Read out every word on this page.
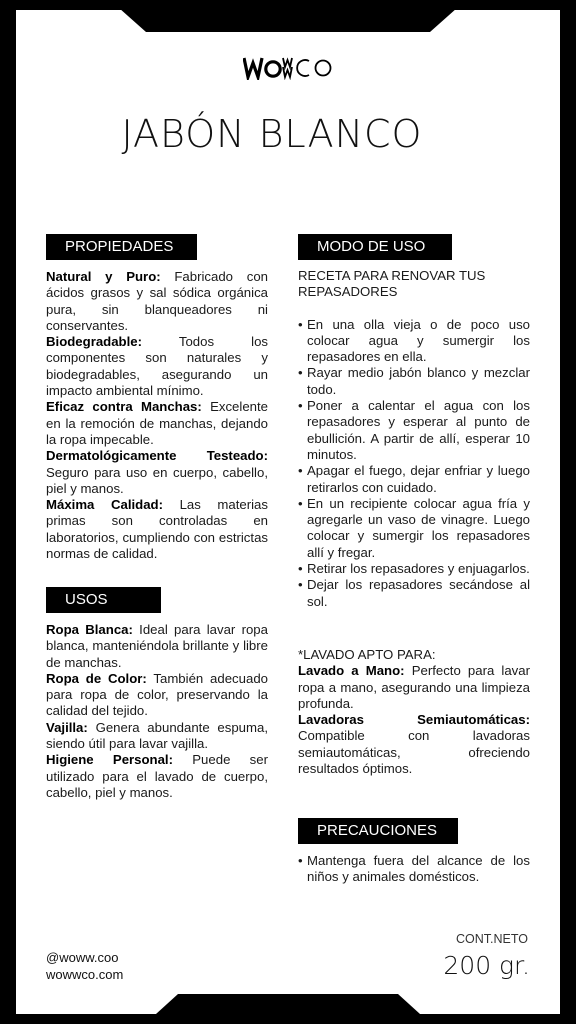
JABÓN BLANCO
PROPIEDADES

Natural y Puro: Fabricado con ácidos grasos y sal sódica orgánica pura, sin blanqueadores ni conservantes.

Biodegradable:	Todos los componentes son naturales y biodegradables, asegurando un impacto ambiental mínimo.

Eficaz contra Manchas: Excelente en la remoción de manchas, dejando la ropa impecable.

Dermatológicamente Testeado: Seguro para uso en cuerpo, cabello, piel y manos.

Máxima Calidad: Las materias primas son controladas en laboratorios, cumpliendo con estrictas normas de calidad.

USOS

Ropa Blanca: Ideal para lavar ropa blanca, manteniéndola brillante y libre de manchas.

Ropa de Color: También adecuado para ropa de color, preservando la calidad del tejido.

Vajilla: Genera abundante espuma, siendo útil para lavar vajilla.

Higiene Personal: Puede ser utilizado para el lavado de cuerpo, cabello, piel y manos.

MODO DE USO
RECETA PARA RENOVAR TUS REPASADORES
• En una olla vieja o de poco uso colocar agua y sumergir los repasadores en ella.
• Rayar medio jabón blanco y mezclar todo.
• Poner a calentar el agua con los repasadores y esperar al punto de ebullición. A partir de allí, esperar 10 minutos.
• Apagar el fuego, dejar enfriar y luego retirarlos con cuidado.
• En un recipiente colocar agua fría y agregarle un vaso de vinagre. Luego colocar y sumergir los repasadores allí y fregar.
• Retirar los repasadores y enjuagarlos.
• Dejar los repasadores secándose al sol.
*LAVADO APTO PARA:

Lavado a Mano: Perfecto para lavar ropa a mano, asegurando una limpieza profunda.

Lavadoras Semiautomáticas: Compatible con lavadoras semiautomáticas, ofreciendo resultados óptimos.

PRECAUCIONES
• Mantenga fuera del alcance de los niños y animales domésticos.
@woww.coo
wowwco.com
CONT.NETO
200 gr.
